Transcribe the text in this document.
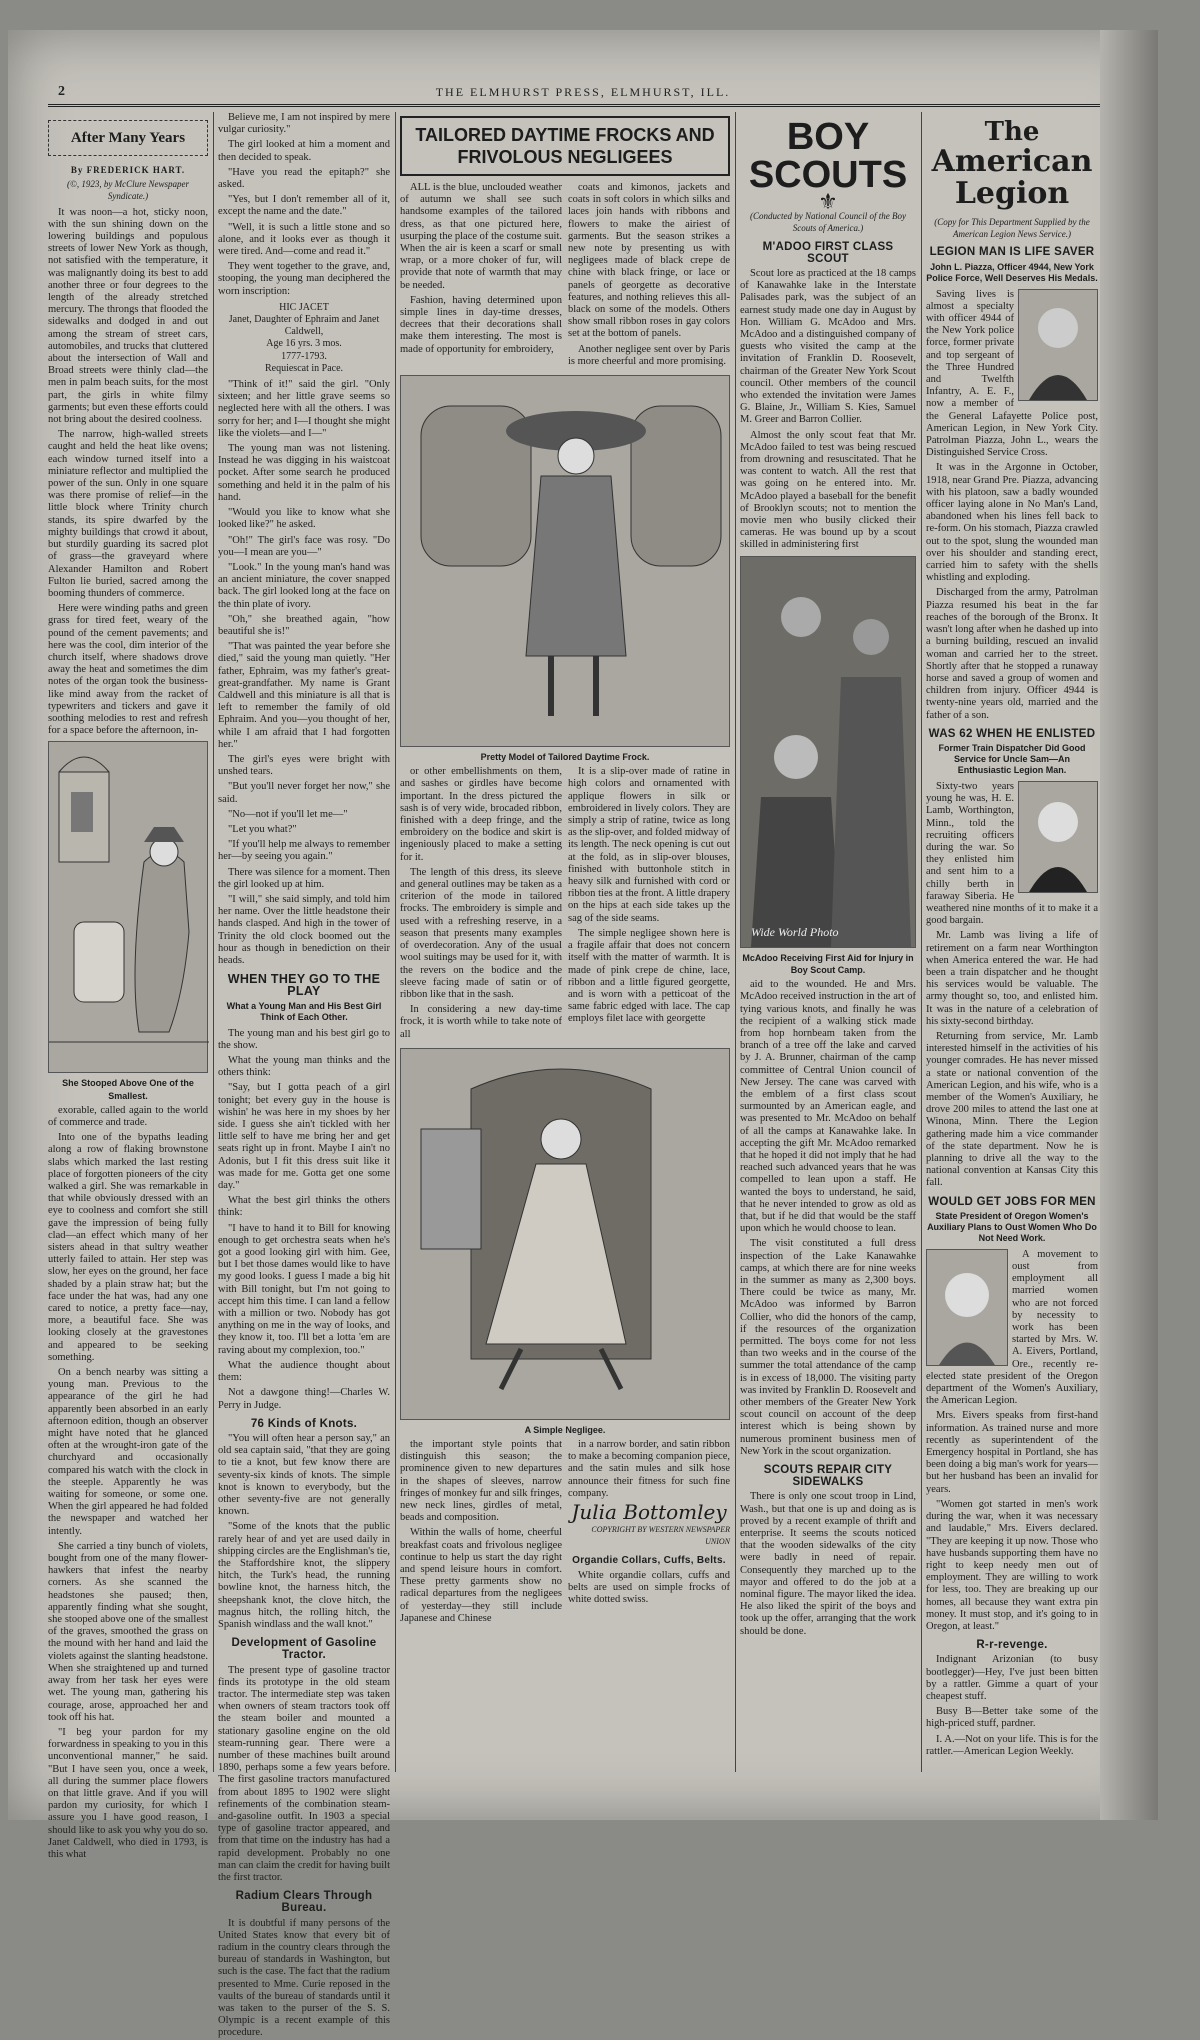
2	THE ELMHURST PRESS, ELMHURST, ILL.
After Many Years
By FREDERICK HART.
(©, 1923, by McClure Newspaper Syndicate.)

It was noon—a hot, sticky noon, with the sun shining down on the lowering buildings and populous streets of lower New York as though, not satisfied with the temperature, it was malignantly doing its best to add another three or four degrees to the length of the already stretched mercury. The throngs that flooded the sidewalks and dodged in and out among the stream of street cars, automobiles, and trucks that cluttered about the intersection of Wall and Broad streets were thinly clad—the men in palm beach suits, for the most part, the girls in white filmy garments; but even these efforts could not bring about the desired coolness.

The narrow, high-walled streets caught and held the heat like ovens; each window turned itself into a miniature reflector and multiplied the power of the sun. Only in one square was there promise of relief—in the little block where Trinity church stands, its spire dwarfed by the mighty buildings that crowd it about, but sturdily guarding its sacred plot of grass—the graveyard where Alexander Hamilton and Robert Fulton lie buried, sacred among the booming thunders of commerce.

Here were winding paths and green grass for tired feet, weary of the pound of the cement pavements; and here was the cool, dim interior of the church itself, where shadows drove away the heat and sometimes the dim notes of the organ took the business-like mind away from the racket of typewriters and tickers and gave it soothing melodies to rest and refresh for a space before the afternoon, in-

She Stooped Above One of the Smallest.

exorable, called again to the world of commerce and trade.

Into one of the bypaths leading along a row of flaking brownstone slabs which marked the last resting place of forgotten pioneers of the city walked a girl. She was remarkable in that while obviously dressed with an eye to coolness and comfort she still gave the impression of being fully clad—an effect which many of her sisters ahead in that sultry weather utterly failed to attain. Her step was slow, her eyes on the ground, her face shaded by a plain straw hat; but the face under the hat was, had any one cared to notice, a pretty face—nay, more, a beautiful face. She was looking closely at the gravestones and appeared to be seeking something.

On a bench nearby was sitting a young man. Previous to the appearance of the girl he had apparently been absorbed in an early afternoon edition, though an observer might have noted that he glanced often at the wrought-iron gate of the churchyard and occasionally compared his watch with the clock in the steeple. Apparently he was waiting for someone, or some one. When the girl appeared he had folded the newspaper and watched her intently.

She carried a tiny bunch of violets, bought from one of the many flower-hawkers that infest the nearby corners. As she scanned the headstones she paused; then, apparently finding what she sought, she stooped above one of the smallest of the graves, smoothed the grass on the mound with her hand and laid the violets against the slanting headstone. When she straightened up and turned away from her task her eyes were wet. The young man, gathering his courage, arose, approached her and took off his hat.

"I beg your pardon for my forwardness in speaking to you in this unconventional manner," he said. "But I have seen you, once a week, all during the summer place flowers on that little grave. And if you will pardon my curiosity, for which I assure you I have good reason, I should like to ask you why you do so. Janet Caldwell, who died in 1793, is this what

Believe me, I am not inspired by mere vulgar curiosity."

The girl looked at him a moment and then decided to speak.

"Have you read the epitaph?" she asked.

"Yes, but I don't remember all of it, except the name and the date."

"Well, it is such a little stone and so alone, and it looks ever as though it were tired. And—come and read it."

They went together to the grave, and, stooping, the young man deciphered the worn inscription:

HIC JACET
Janet, Daughter of Ephraim and Janet Caldwell,
Age 16 yrs. 3 mos.
1777-1793.
Requiescat in Pace.

"Think of it!" said the girl. "Only sixteen; and her little grave seems so neglected here with all the others. I was sorry for her; and I—I thought she might like the violets—and I—"

The young man was not listening. Instead he was digging in his waistcoat pocket. After some search he produced something and held it in the palm of his hand.

"Would you like to know what she looked like?" he asked.

"Oh!" The girl's face was rosy. "Do you—I mean are you—"

"Look." In the young man's hand was an ancient miniature, the cover snapped back. The girl looked long at the face on the thin plate of ivory.

"Oh," she breathed again, "how beautiful she is!"

"That was painted the year before she died," said the young man quietly. "Her father, Ephraim, was my father's great-great-grandfather. My name is Grant Caldwell and this miniature is all that is left to remember the family of old Ephraim. And you—you thought of her, while I am afraid that I had forgotten her."

The girl's eyes were bright with unshed tears.

"But you'll never forget her now," she said.

"No—not if you'll let me—"

"Let you what?"

"If you'll help me always to remember her—by seeing you again."

There was silence for a moment. Then the girl looked up at him.

"I will," she said simply, and told him her name. Over the little headstone their hands clasped. And high in the tower of Trinity the old clock boomed out the hour as though in benediction on their heads.

WHEN THEY GO TO THE PLAY
What a Young Man and His Best Girl Think of Each Other.

The young man and his best girl go to the show.

What the young man thinks and the others think:

"Say, but I gotta peach of a girl tonight; bet every guy in the house is wishin' he was here in my shoes by her side. I guess she ain't tickled with her little self to have me bring her and get seats right up in front. Maybe I ain't no Adonis, but I fit this dress suit like it was made for me. Gotta get one some day."

What the best girl thinks the others think:

"I have to hand it to Bill for knowing enough to get orchestra seats when he's got a good looking girl with him. Gee, but I bet those dames would like to have my good looks. I guess I made a big hit with Bill tonight, but I'm not going to accept him this time. I can land a fellow with a million or two. Nobody has got anything on me in the way of looks, and they know it, too. I'll bet a lotta 'em are raving about my complexion, too."

What the audience thought about them:

Not a dawgone thing!—Charles W. Perry in Judge.

76 Kinds of Knots.

"You will often hear a person say," an old sea captain said, "that they are going to tie a knot, but few know there are seventy-six kinds of knots. The simple knot is known to everybody, but the other seventy-five are not generally known.

"Some of the knots that the public rarely hear of and yet are used daily in shipping circles are the Englishman's tie, the Staffordshire knot, the slippery hitch, the Turk's head, the running bowline knot, the harness hitch, the sheepshank knot, the clove hitch, the magnus hitch, the rolling hitch, the Spanish windlass and the wall knot."

Development of Gasoline Tractor.

The present type of gasoline tractor finds its prototype in the old steam tractor. The intermediate step was taken when owners of steam tractors took off the steam boiler and mounted a stationary gasoline engine on the old steam-running gear. There were a number of these machines built around 1890, perhaps some a few years before. The first gasoline tractors manufactured from about 1895 to 1902 were slight refinements of the combination steam-and-gasoline outfit. In 1903 a special type of gasoline tractor appeared, and from that time on the industry has had a rapid development. Probably no one man can claim the credit for having built the first tractor.

Radium Clears Through Bureau.

It is doubtful if many persons of the United States know that every bit of radium in the country clears through the bureau of standards in Washington, but such is the case. The fact that the radium presented to Mme. Curie reposed in the vaults of the bureau of standards until it was taken to the purser of the S. S. Olympic is a recent example of this procedure.

TAILORED DAYTIME FROCKS AND FRIVOLOUS NEGLIGEES

ALL is the blue, unclouded weather of autumn we shall see such handsome examples of the tailored dress, as that one pictured here, usurping the place of the costume suit. When the air is keen a scarf or small wrap, or a more choker of fur, will provide that note of warmth that may be needed.

Fashion, having determined upon simple lines in day-time dresses, decrees that their decorations shall make them interesting. The most is made of opportunity for embroidery,

coats and kimonos, jackets and coats in soft colors in which silks and laces join hands with ribbons and flowers to make the airiest of garments. But the season strikes a new note by presenting us with negligees made of black crepe de chine with black fringe, or lace or panels of georgette as decorative features, and nothing relieves this all-black on some of the models. Others show small ribbon roses in gay colors set at the bottom of panels.

Another negligee sent over by Paris is more cheerful and more promising.

Pretty Model of Tailored Daytime Frock.

or other embellishments on them, and sashes or girdles have become important. In the dress pictured the sash is of very wide, brocaded ribbon, finished with a deep fringe, and the embroidery on the bodice and skirt is ingeniously placed to make a setting for it.

The length of this dress, its sleeve and general outlines may be taken as a criterion of the mode in tailored frocks. The embroidery is simple and used with a refreshing reserve, in a season that presents many examples of overdecoration. Any of the usual wool suitings may be used for it, with the revers on the bodice and the sleeve facing made of satin or of ribbon like that in the sash.

In considering a new day-time frock, it is worth while to take note of all

It is a slip-over made of ratine in high colors and ornamented with applique flowers in silk or embroidered in lively colors. They are simply a strip of ratine, twice as long as the slip-over, and folded midway of its length. The neck opening is cut out at the fold, as in slip-over blouses, finished with buttonhole stitch in heavy silk and furnished with cord or ribbon ties at the front. A little drapery on the hips at each side takes up the sag of the side seams.

The simple negligee shown here is a fragile affair that does not concern itself with the matter of warmth. It is made of pink crepe de chine, lace, ribbon and a little figured georgette, and is worn with a petticoat of the same fabric edged with lace. The cap employs filet lace with georgette

A Simple Negligee.

the important style points that distinguish this season; the prominence given to new departures in the shapes of sleeves, narrow fringes of monkey fur and silk fringes, new neck lines, girdles of metal, beads and composition.

Within the walls of home, cheerful breakfast coats and frivolous negligee continue to help us start the day right and spend leisure hours in comfort. These pretty garments show no radical departures from the negligees of yesterday—they still include Japanese and Chinese

in a narrow border, and satin ribbon to make a becoming companion piece, and the satin mules and silk hose announce their fitness for such fine company.

Julia Bottomley
COPYRIGHT BY WESTERN NEWSPAPER UNION
Organdie Collars, Cuffs, Belts.

White organdie collars, cuffs and belts are used on simple frocks of white dotted swiss.

BOY
SCOUTS
⚜
(Conducted by National Council of the Boy Scouts of America.)
M'ADOO FIRST CLASS SCOUT

Scout lore as practiced at the 18 camps of Kanawahke lake in the Interstate Palisades park, was the subject of an earnest study made one day in August by Hon. William G. McAdoo and Mrs. McAdoo and a distinguished company of guests who visited the camp at the invitation of Franklin D. Roosevelt, chairman of the Greater New York Scout council. Other members of the council who extended the invitation were James G. Blaine, Jr., William S. Kies, Samuel M. Greer and Barron Collier.

Almost the only scout feat that Mr. McAdoo failed to test was being rescued from drowning and resuscitated. That he was content to watch. All the rest that was going on he entered into. Mr. McAdoo played a baseball for the benefit of Brooklyn scouts; not to mention the movie men who busily clicked their cameras. He was bound up by a scout skilled in administering first

Wide World Photo
McAdoo Receiving First Aid for Injury in Boy Scout Camp.

aid to the wounded. He and Mrs. McAdoo received instruction in the art of tying various knots, and finally he was the recipient of a walking stick made from hop hornbeam taken from the branch of a tree off the lake and carved by J. A. Brunner, chairman of the camp committee of Central Union council of New Jersey. The cane was carved with the emblem of a first class scout surmounted by an American eagle, and was presented to Mr. McAdoo on behalf of all the camps at Kanawahke lake. In accepting the gift Mr. McAdoo remarked that he hoped it did not imply that he had reached such advanced years that he was compelled to lean upon a staff. He wanted the boys to understand, he said, that he never intended to grow as old as that, but if he did that would be the staff upon which he would choose to lean.

The visit constituted a full dress inspection of the Lake Kanawahke camps, at which there are for nine weeks in the summer as many as 2,300 boys. There could be twice as many, Mr. McAdoo was informed by Barron Collier, who did the honors of the camp, if the resources of the organization permitted. The boys come for not less than two weeks and in the course of the summer the total attendance of the camp is in excess of 18,000. The visiting party was invited by Franklin D. Roosevelt and other members of the Greater New York scout council on account of the deep interest which is being shown by numerous prominent business men of New York in the scout organization.

SCOUTS REPAIR CITY SIDEWALKS

There is only one scout troop in Lind, Wash., but that one is up and doing as is proved by a recent example of thrift and enterprise. It seems the scouts noticed that the wooden sidewalks of the city were badly in need of repair. Consequently they marched up to the mayor and offered to do the job at a nominal figure. The mayor liked the idea. He also liked the spirit of the boys and took up the offer, arranging that the work should be done.

The
American
Legion
(Copy for This Department Supplied by the American Legion News Service.)
LEGION MAN IS LIFE SAVER
John L. Piazza, Officer 4944, New York Police Force, Well Deserves His Medals.

Saving lives is almost a specialty with officer 4944 of the New York police force, former private and top sergeant of the Three Hundred and Twelfth Infantry, A. E. F., now a member of the General Lafayette Police post, American Legion, in New York City. Patrolman Piazza, John L., wears the Distinguished Service Cross.

It was in the Argonne in October, 1918, near Grand Pre. Piazza, advancing with his platoon, saw a badly wounded officer laying alone in No Man's Land, abandoned when his lines fell back to re-form. On his stomach, Piazza crawled out to the spot, slung the wounded man over his shoulder and standing erect, carried him to safety with the shells whistling and exploding.

Discharged from the army, Patrolman Piazza resumed his beat in the far reaches of the borough of the Bronx. It wasn't long after when he dashed up into a burning building, rescued an invalid woman and carried her to the street. Shortly after that he stopped a runaway horse and saved a group of women and children from injury. Officer 4944 is twenty-nine years old, married and the father of a son.

WAS 62 WHEN HE ENLISTED
Former Train Dispatcher Did Good Service for Uncle Sam—An Enthusiastic Legion Man.

Sixty-two years young he was, H. E. Lamb, Worthington, Minn., told the recruiting officers during the war. So they enlisted him and sent him to a chilly berth in faraway Siberia. He weathered nine months of it to make it a good bargain.

Mr. Lamb was living a life of retirement on a farm near Worthington when America entered the war. He had been a train dispatcher and he thought his services would be valuable. The army thought so, too, and enlisted him. It was in the nature of a celebration of his sixty-second birthday.

Returning from service, Mr. Lamb interested himself in the activities of his younger comrades. He has never missed a state or national convention of the American Legion, and his wife, who is a member of the Women's Auxiliary, he drove 200 miles to attend the last one at Winona, Minn. There the Legion gathering made him a vice commander of the state department. Now he is planning to drive all the way to the national convention at Kansas City this fall.

WOULD GET JOBS FOR MEN
State President of Oregon Women's Auxiliary Plans to Oust Women Who Do Not Need Work.

A movement to oust from employment all married women who are not forced by necessity to work has been started by Mrs. W. A. Eivers, Portland, Ore., recently re-elected state president of the Oregon department of the Women's Auxiliary, the American Legion.

Mrs. Eivers speaks from first-hand information. As trained nurse and more recently as superintendent of the Emergency hospital in Portland, she has been doing a big man's work for years—but her husband has been an invalid for years.

"Women got started in men's work during the war, when it was necessary and laudable," Mrs. Eivers declared. "They are keeping it up now. Those who have husbands supporting them have no right to keep needy men out of employment. They are willing to work for less, too. They are breaking up our homes, all because they want extra pin money. It must stop, and it's going to in Oregon, at least."

R-r-revenge.

Indignant Arizonian (to busy bootlegger)—Hey, I've just been bitten by a rattler. Gimme a quart of your cheapest stuff.

Busy B—Better take some of the high-priced stuff, pardner.

I. A.—Not on your life. This is for the rattler.—American Legion Weekly.
